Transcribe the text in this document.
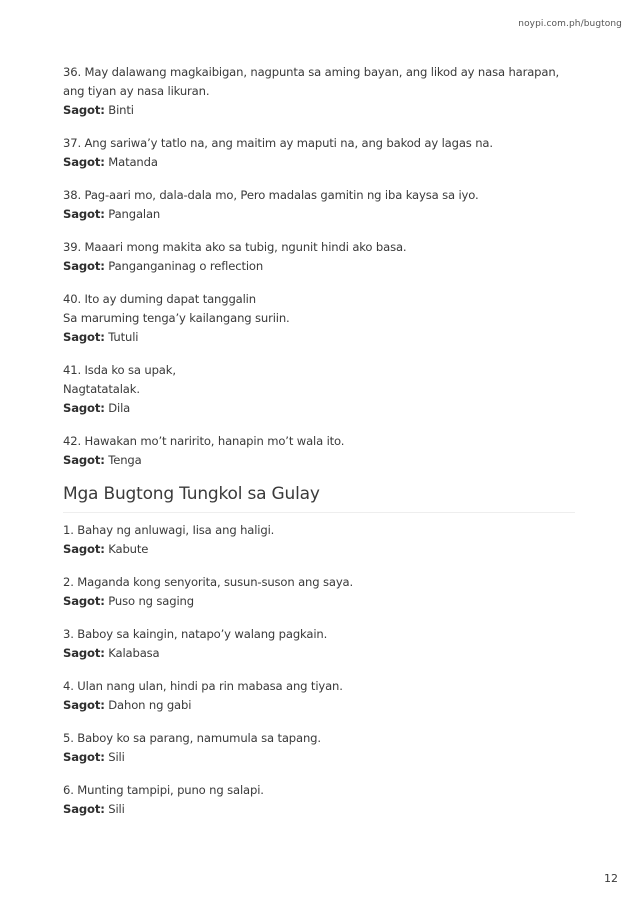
noypi.com.ph/bugtong
36. May dalawang magkaibigan, nagpunta sa aming bayan, ang likod ay nasa harapan, ang tiyan ay nasa likuran.
Sagot: Binti
37. Ang sariwa’y tatlo na, ang maitim ay maputi na, ang bakod ay lagas na.
Sagot: Matanda
38. Pag-aari mo, dala-dala mo, Pero madalas gamitin ng iba kaysa sa iyo.
Sagot: Pangalan
39. Maaari mong makita ako sa tubig, ngunit hindi ako basa.
Sagot: Panganganinag o reflection
40. Ito ay duming dapat tanggalin
Sa maruming tenga’y kailangang suriin.
Sagot: Tutuli
41. Isda ko sa upak,
Nagtatatalak.
Sagot: Dila
42. Hawakan mo’t naririto, hanapin mo’t wala ito.
Sagot: Tenga
Mga Bugtong Tungkol sa Gulay
1. Bahay ng anluwagi, Iisa ang haligi.
Sagot: Kabute
2. Maganda kong senyorita, susun-suson ang saya.
Sagot: Puso ng saging
3. Baboy sa kaingin, natapo’y walang pagkain.
Sagot: Kalabasa
4. Ulan nang ulan, hindi pa rin mabasa ang tiyan.
Sagot: Dahon ng gabi
5. Baboy ko sa parang, namumula sa tapang.
Sagot: Sili
6. Munting tampipi, puno ng salapi.
Sagot: Sili
12
